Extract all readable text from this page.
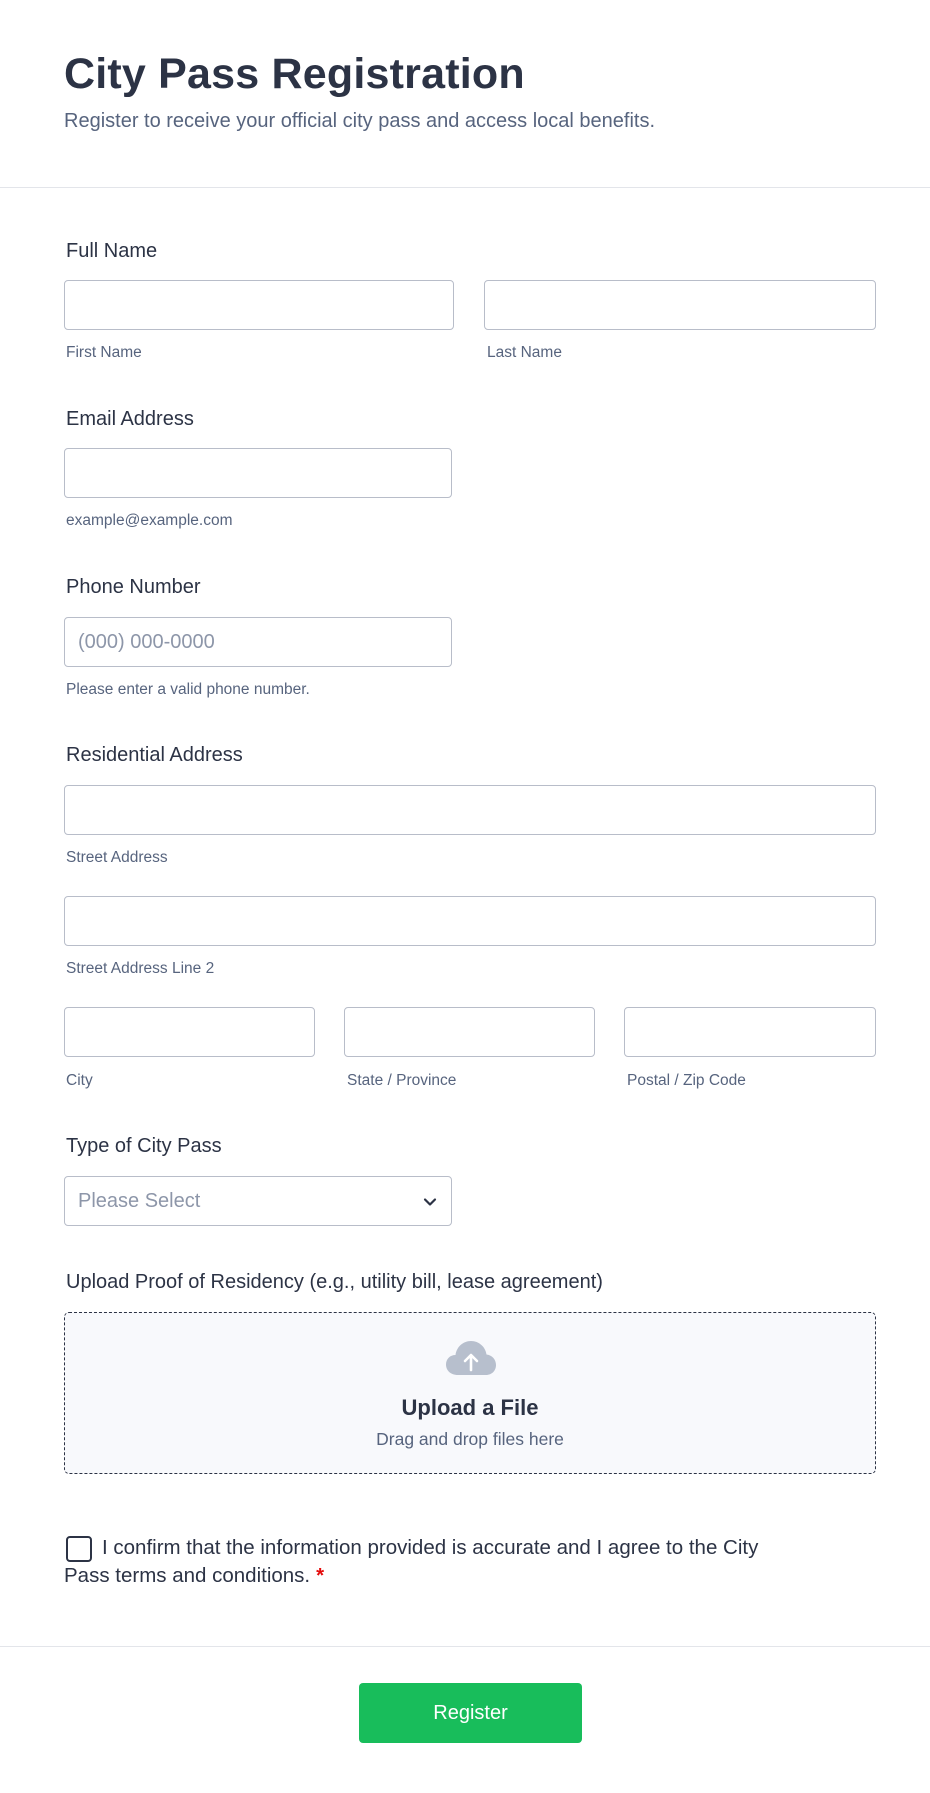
City Pass Registration

Register to receive your official city pass and access local benefits.

Full Name
First Name	Last Name
Email Address
example@example.com
Phone Number
(000) 000-0000
Please enter a valid phone number.
Residential Address
Street Address
Street Address Line 2
City	State / Province	Postal / Zip Code
Type of City Pass
Please Select
Upload Proof of Residency (e.g., utility bill, lease agreement)
Upload a File
Drag and drop files here

I confirm that the information provided is accurate and I agree to the City Pass terms and conditions. *

Register
